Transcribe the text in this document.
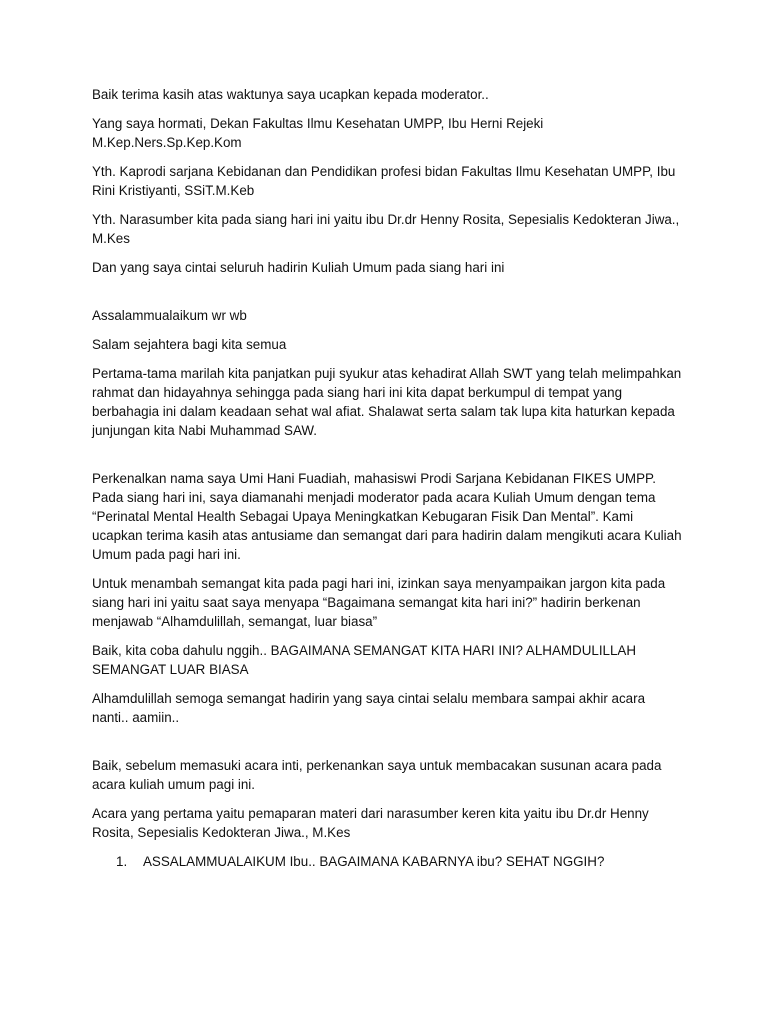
Baik terima kasih atas waktunya saya ucapkan kepada moderator..

Yang saya hormati, Dekan Fakultas Ilmu Kesehatan UMPP, Ibu Herni Rejeki M.Kep.Ners.Sp.Kep.Kom

Yth. Kaprodi sarjana Kebidanan dan Pendidikan profesi bidan Fakultas Ilmu Kesehatan UMPP, Ibu Rini Kristiyanti, SSiT.M.Keb

Yth. Narasumber kita pada siang hari ini yaitu ibu Dr.dr Henny Rosita, Sepesialis Kedokteran Jiwa., M.Kes

Dan yang saya cintai seluruh hadirin Kuliah Umum pada siang hari ini

Assalammualaikum wr wb

Salam sejahtera bagi kita semua

Pertama-tama marilah kita panjatkan puji syukur atas kehadirat Allah SWT yang telah melimpahkan rahmat dan hidayahnya sehingga pada siang hari ini kita dapat berkumpul di tempat yang berbahagia ini dalam keadaan sehat wal afiat. Shalawat serta salam tak lupa kita haturkan kepada junjungan kita Nabi Muhammad SAW.

Perkenalkan nama saya Umi Hani Fuadiah, mahasiswi Prodi Sarjana Kebidanan FIKES UMPP. Pada siang hari ini, saya diamanahi menjadi moderator pada acara Kuliah Umum dengan tema “Perinatal Mental Health Sebagai Upaya Meningkatkan Kebugaran Fisik Dan Mental”. Kami ucapkan terima kasih atas antusiame dan semangat dari para hadirin dalam mengikuti acara Kuliah Umum pada pagi hari ini.

Untuk menambah semangat kita pada pagi hari ini, izinkan saya menyampaikan jargon kita pada siang hari ini yaitu saat saya menyapa “Bagaimana semangat kita hari ini?” hadirin berkenan menjawab “Alhamdulillah, semangat, luar biasa”

Baik, kita coba dahulu nggih.. BAGAIMANA SEMANGAT KITA HARI INI? ALHAMDULILLAH SEMANGAT LUAR BIASA

Alhamdulillah semoga semangat hadirin yang saya cintai selalu membara sampai akhir acara nanti.. aamiin..

Baik, sebelum memasuki acara inti, perkenankan saya untuk membacakan susunan acara pada acara kuliah umum pagi ini.

Acara yang pertama yaitu pemaparan materi dari narasumber keren kita yaitu ibu Dr.dr Henny Rosita, Sepesialis Kedokteran Jiwa., M.Kes

1. ASSALAMMUALAIKUM Ibu.. BAGAIMANA KABARNYA ibu? SEHAT NGGIH?
